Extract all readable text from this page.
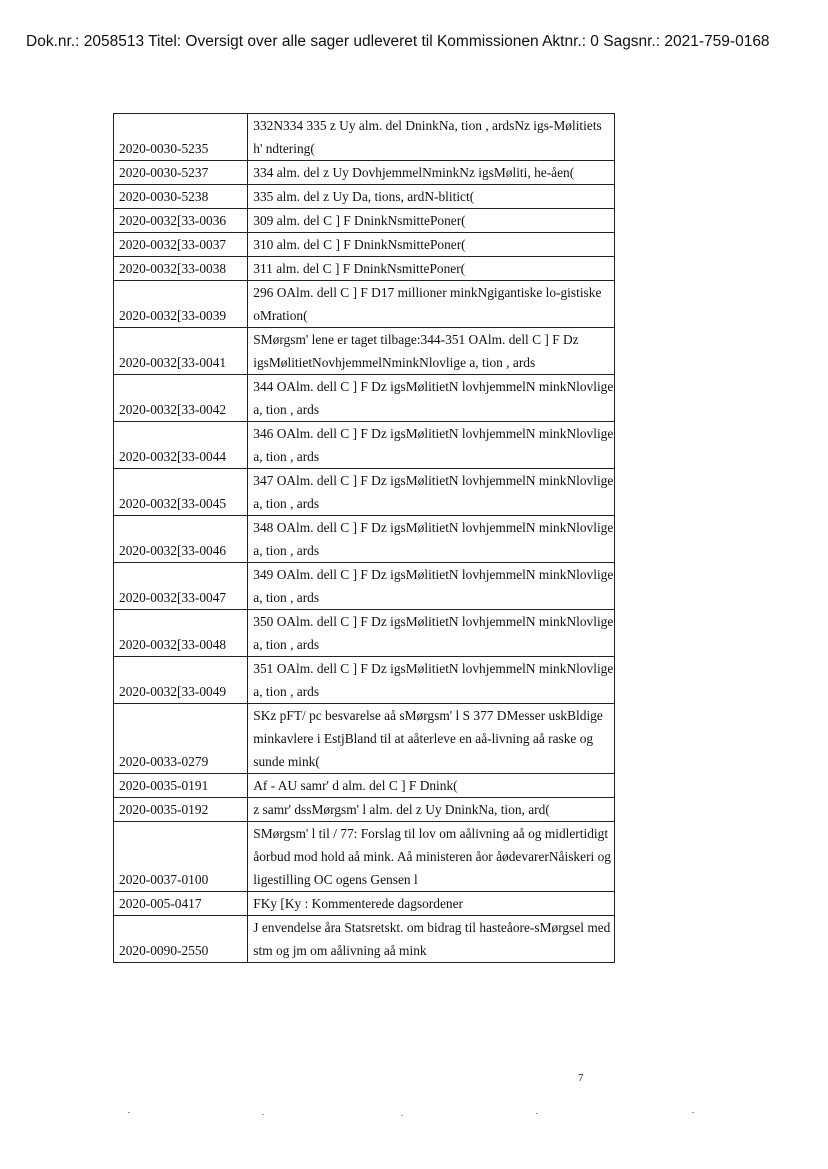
Dok.nr.: 2058513 Titel: Oversigt over alle sager udleveret til Kommissionen Aktnr.: 0 Sagsnr.: 2021-759-0168
2020-0030-5235	332N334 335 z Uy alm. del DninkNa, tion , ardsNz igs-Mølitiets h' ndtering(
2020-0030-5237	334 alm. del z Uy DovhjemmelNminkNz igsMøliti, he-åen(
2020-0030-5238	335 alm. del z Uy Da, tions, ardN-blitict(
2020-0032[33-0036	309 alm. del C ] F DninkNsmittePoner(
2020-0032[33-0037	310 alm. del C ] F DninkNsmittePoner(
2020-0032[33-0038	311 alm. del C ] F DninkNsmittePoner(
2020-0032[33-0039	296 OAlm. dell C ] F D17 millioner minkNgigantiske lo-gistiske oMration(
2020-0032[33-0041	SMørgsm' lene er taget tilbage:344-351 OAlm. dell C ] F Dz igsMølitietNovhjemmelNminkNlovlige a, tion , ards
2020-0032[33-0042	344 OAlm. dell C ] F Dz igsMølitietN lovhjemmelN minkNlovlige a, tion , ards
2020-0032[33-0044	346 OAlm. dell C ] F Dz igsMølitietN lovhjemmelN minkNlovlige a, tion , ards
2020-0032[33-0045	347 OAlm. dell C ] F Dz igsMølitietN lovhjemmelN minkNlovlige a, tion , ards
2020-0032[33-0046	348 OAlm. dell C ] F Dz igsMølitietN lovhjemmelN minkNlovlige a, tion , ards
2020-0032[33-0047	349 OAlm. dell C ] F Dz igsMølitietN lovhjemmelN minkNlovlige a, tion , ards
2020-0032[33-0048	350 OAlm. dell C ] F Dz igsMølitietN lovhjemmelN minkNlovlige a, tion , ards
2020-0032[33-0049	351 OAlm. dell C ] F Dz igsMølitietN lovhjemmelN minkNlovlige a, tion , ards
2020-0033-0279	SKz pFT/ pc besvarelse aå sMørgsm' l S 377 DMesser uskBldige minkavlere i EstjBland til at aåterleve en aå-livning aå raske og sunde mink(
2020-0035-0191	Af - AU samr' d alm. del C ] F Dnink(
2020-0035-0192	z samr' dssMørgsm' l alm. del z Uy DninkNa, tion, ard(
2020-0037-0100	SMørgsm' l til / 77: Forslag til lov om aålivning aå og midlertidigt åorbud mod hold aå mink. Aå ministeren åor åødevarerNåiskeri og ligestilling OC ogens Gensen l
2020-005-0417	FKy [Ky : Kommenterede dagsordener
2020-0090-2550	J envendelse åra Statsretskt. om bidrag til hasteåore-sMørgsel med stm og jm om aålivning aå mink
7
